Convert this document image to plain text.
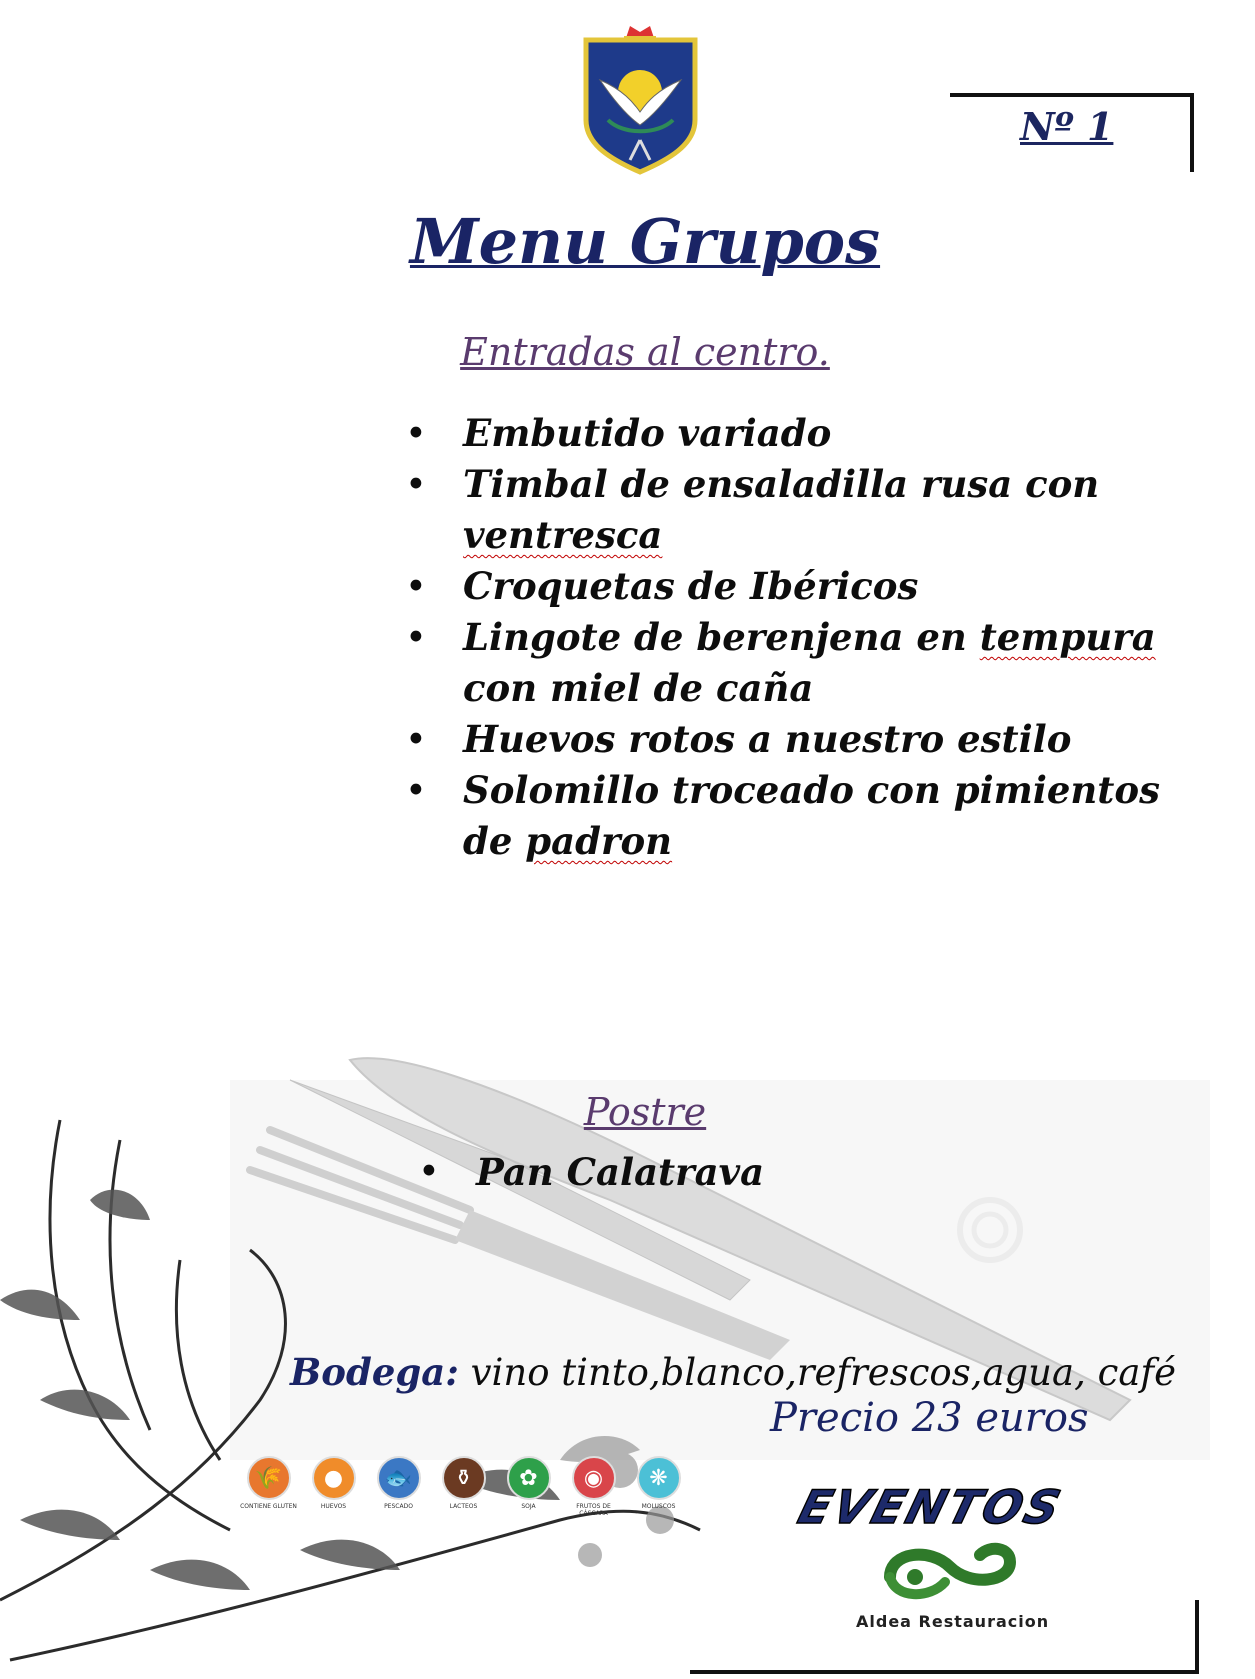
Nº 1
Menu Grupos
Entradas al centro.
• Embutido variado
• Timbal de ensaladilla rusa con ventresca
• Croquetas de Ibéricos
• Lingote de berenjena en tempura con miel de caña
• Huevos rotos a nuestro estilo
• Solomillo troceado con pimientos de padron
Postre
• Pan Calatrava
Bodega: vino tinto,blanco,refrescos,agua, café
Precio 23 euros
🌾
CONTIENE GLUTEN
●
HUEVOS
🐟
PESCADO
⚱
LACTEOS
✿
SOJA
◉
FRUTOS DE CÁSCARA
❋
MOLUSCOS	EVENTOS
Aldea Restauracion
